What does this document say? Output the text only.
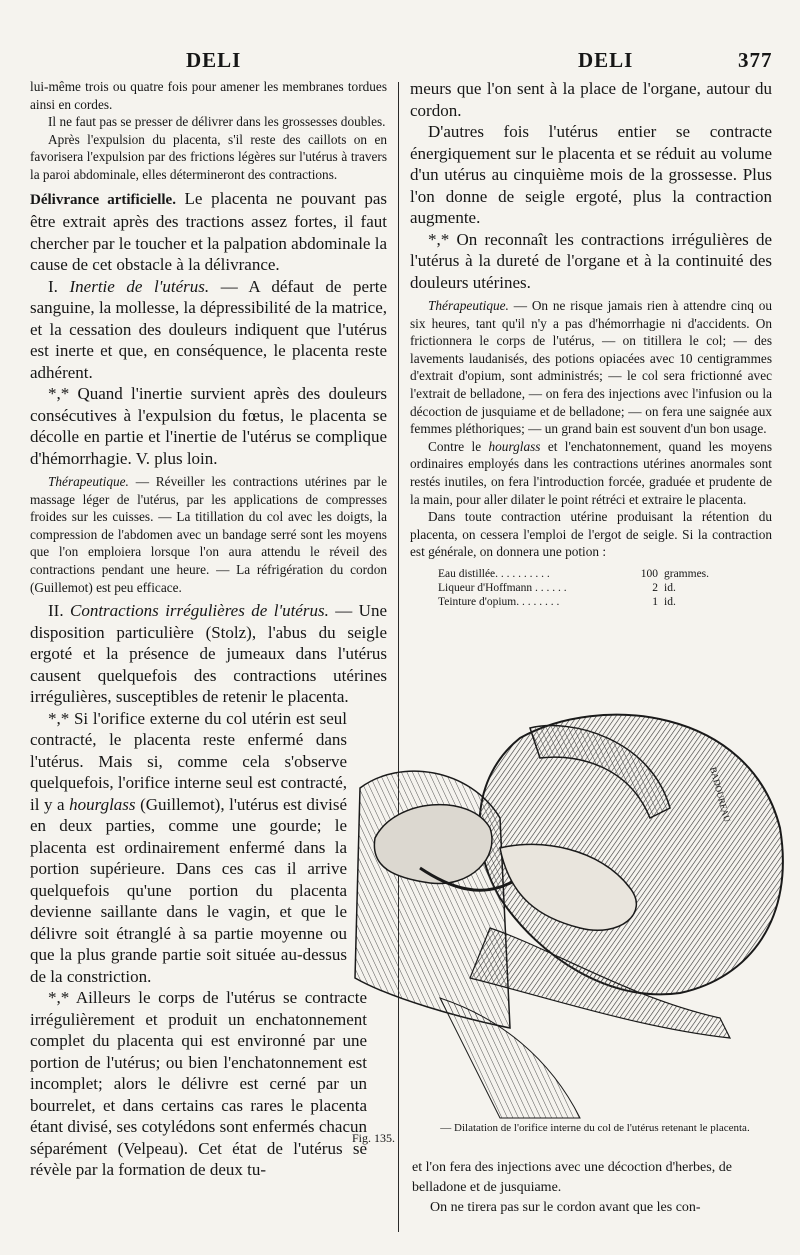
DELI	DELI	377

lui-même trois ou quatre fois pour amener les membranes tordues ainsi en cordes.

Il ne faut pas se presser de délivrer dans les grossesses doubles.

Après l'expulsion du placenta, s'il reste des caillots on en favorisera l'expulsion par des frictions légères sur l'utérus à travers la paroi abdominale, elles détermineront des contractions.

Délivrance artificielle. Le placenta ne pouvant pas être extrait après des tractions assez fortes, il faut chercher par le toucher et la palpation abdominale la cause de cet obstacle à la délivrance.

I. Inertie de l'utérus. — A défaut de perte sanguine, la mollesse, la dépressibilité de la matrice, et la cessation des douleurs indiquent que l'utérus est inerte et que, en conséquence, le placenta reste adhérent.

*,* Quand l'inertie survient après des douleurs consécutives à l'expulsion du fœtus, le placenta se décolle en partie et l'inertie de l'utérus se complique d'hémorrhagie. V. plus loin.

Thérapeutique. — Réveiller les contractions utérines par le massage léger de l'utérus, par les applications de compresses froides sur les cuisses. — La titillation du col avec les doigts, la compression de l'abdomen avec un bandage serré sont les moyens que l'on emploiera lorsque l'on aura attendu le réveil des contractions pendant une heure. — La réfrigération du cordon (Guillemot) est peu efficace.

II. Contractions irrégulières de l'utérus. — Une disposition particulière (Stolz), l'abus du seigle ergoté et la présence de jumeaux dans l'utérus causent quelquefois des contractions utérines irrégulières, susceptibles de retenir le placenta.

*,* Si l'orifice externe du col utérin est seul contracté, le placenta reste enfermé dans l'utérus. Mais si, comme cela s'observe quelquefois, l'orifice interne seul est contracté, il y a hourglass (Guillemot), l'utérus est divisé en deux parties, comme une gourde; le placenta est ordinairement enfermé dans la portion supérieure. Dans ces cas il arrive quelquefois qu'une portion du placenta devienne saillante dans le vagin, et que le délivre soit étranglé à sa partie moyenne ou que la plus grande partie soit située au-dessus de la constriction.

*,* Ailleurs le corps de l'utérus se contracte irrégulièrement et produit un enchatonnement complet du placenta qui est environné par une portion de l'utérus; ou bien l'enchatonnement est incomplet; alors le délivre est cerné par un bourrelet, et dans certains cas rares le placenta étant divisé, ses cotylédons sont enfermés chacun séparément (Velpeau). Cet état de l'utérus se révèle par la formation de deux tu-

meurs que l'on sent à la place de l'organe, autour du cordon.

D'autres fois l'utérus entier se contracte énergiquement sur le placenta et se réduit au volume d'un utérus au cinquième mois de la grossesse. Plus l'on donne de seigle ergoté, plus la contraction augmente.

*,* On reconnaît les contractions irrégulières de l'utérus à la dureté de l'organe et à la continuité des douleurs utérines.

Thérapeutique. — On ne risque jamais rien à attendre cinq ou six heures, tant qu'il n'y a pas d'hémorrhagie ni d'accidents. On frictionnera le corps de l'utérus, — on titillera le col; — des lavements laudanisés, des potions opiacées avec 10 centigrammes d'extrait d'opium, sont administrés; — le col sera frictionné avec l'extrait de belladone, — on fera des injections avec l'infusion ou la décoction de jusquiame et de belladone; — on fera une saignée aux femmes pléthoriques; — un grand bain est souvent d'un bon usage.

Contre le hourglass et l'enchatonnement, quand les moyens ordinaires employés dans les contractions utérines anormales sont restés inutiles, on fera l'introduction forcée, graduée et prudente de la main, pour aller dilater le point rétréci et extraire le placenta.

Dans toute contraction utérine produisant la rétention du placenta, on cessera l'emploi de l'ergot de seigle. Si la contraction est générale, on donnera une potion :

Eau distillée. . . . . . . . . .	100 grammes.
Liqueur d'Hoffmann . . . . . .	2 id.
Teinture d'opium. . . . . . . .	1 id.
BADOUREAU
Fig. 135.
— Dilatation de l'orifice interne du col de l'utérus retenant le placenta.
et l'on fera des injections avec une décoction d'herbes, de belladone et de jusquiame.
On ne tirera pas sur le cordon avant que les con-
